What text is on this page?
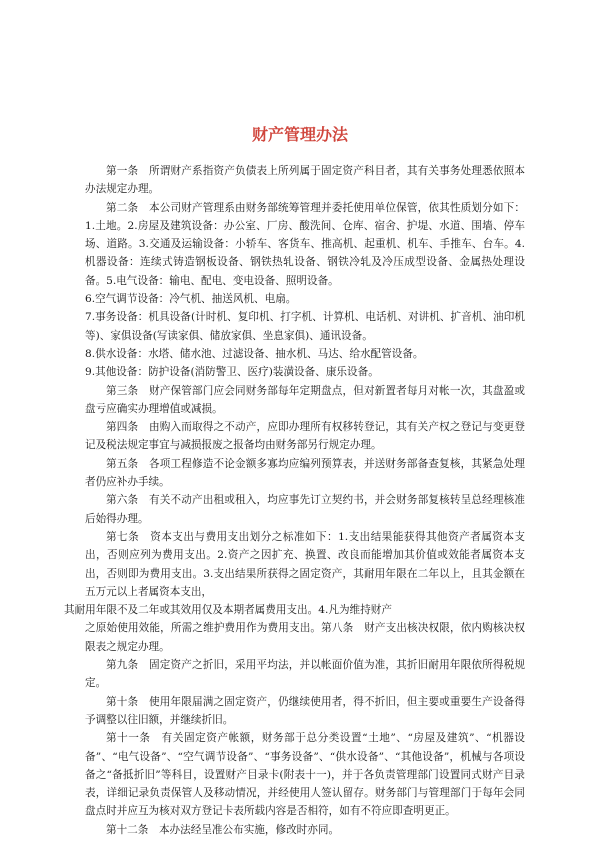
财产管理办法

第一条　所谓财产系指资产负债表上所列属于固定资产科目者，其有关事务处理悉依照本办法规定办理。

第二条　本公司财产管理系由财务部统筹管理并委托使用单位保管，依其性质划分如下：1.土地。2.房屋及建筑设备：办公室、厂房、酸洗间、仓库、宿舍、护堤、水道、围墙、停车场、道路。3.交通及运输设备：小轿车、客货车、推高机、起重机、机车、手推车、台车。4.机器设备：连续式铸造钢板设备、钢铁热轧设备、钢铁冷轧及冷压成型设备、金属热处理设备。5.电气设备：输电、配电、变电设备、照明设备。

6.空气调节设备：冷气机、抽送风机、电扇。

7.事务设备：机具设备(计时机、复印机、打字机、计算机、电话机、对讲机、扩音机、油印机等)、家俱设备(写读家俱、储放家俱、坐息家俱)、通讯设备。

8.供水设备：水塔、储水池、过滤设备、抽水机、马达、给水配管设备。

9.其他设备：防护设备(消防警卫、医疗)装潢设备、康乐设备。

第三条　财产保管部门应会同财务部每年定期盘点，但对新置者每月对帐一次，其盘盈或盘亏应确实办理增值或减损。

第四条　由购入而取得之不动产，应即办理所有权移转登记，其有关产权之登记与变更登记及税法规定事宜与减损报废之报备均由财务部另行规定办理。

第五条　各项工程修造不论金额多寡均应编列预算表，并送财务部备查复核，其紧急处理者仍应补办手续。

第六条　有关不动产出租或租入，均应事先订立契约书，并会财务部复核转呈总经理核准后始得办理。

第七条　资本支出与费用支出划分之标准如下：1.支出结果能获得其他资产者属资本支出，否则应列为费用支出。2.资产之因扩充、换置、改良而能增加其价值或效能者属资本支出，否则即为费用支出。3.支出结果所获得之固定资产，其耐用年限在二年以上，且其金额在五万元以上者属资本支出，

其耐用年限不及二年或其效用仅及本期者属费用支出。4.凡为维持财产

之原始使用效能，所需之维护费用作为费用支出。第八条　财产支出核决权限，依内购核决权限表之规定办理。

第九条　固定资产之折旧，采用平均法，并以帐面价值为准，其折旧耐用年限依所得税规定。

第十条　使用年限届满之固定资产，仍继续使用者，得不折旧，但主要或重要生产设备得予调整以往旧额，并继续折旧。

第十一条　有关固定资产帐额，财务部于总分类设置“土地”、“房屋及建筑”、“机器设备”、“电气设备”、“空气调节设备”、“事务设备”、“供水设备”、“其他设备”，机械与各项设备之“备抵折旧”等科目，设置财产目录卡(附表十一)，并于各负责管理部门设置同式财产目录表，详细记录负责保管人及移动情况，并经使用人签认留存。财务部门与管理部门于每年会同盘点时并应互为核对双方登记卡表所载内容是否相符，如有不符应即查明更正。

第十二条　本办法经呈准公布实施，修改时亦同。
